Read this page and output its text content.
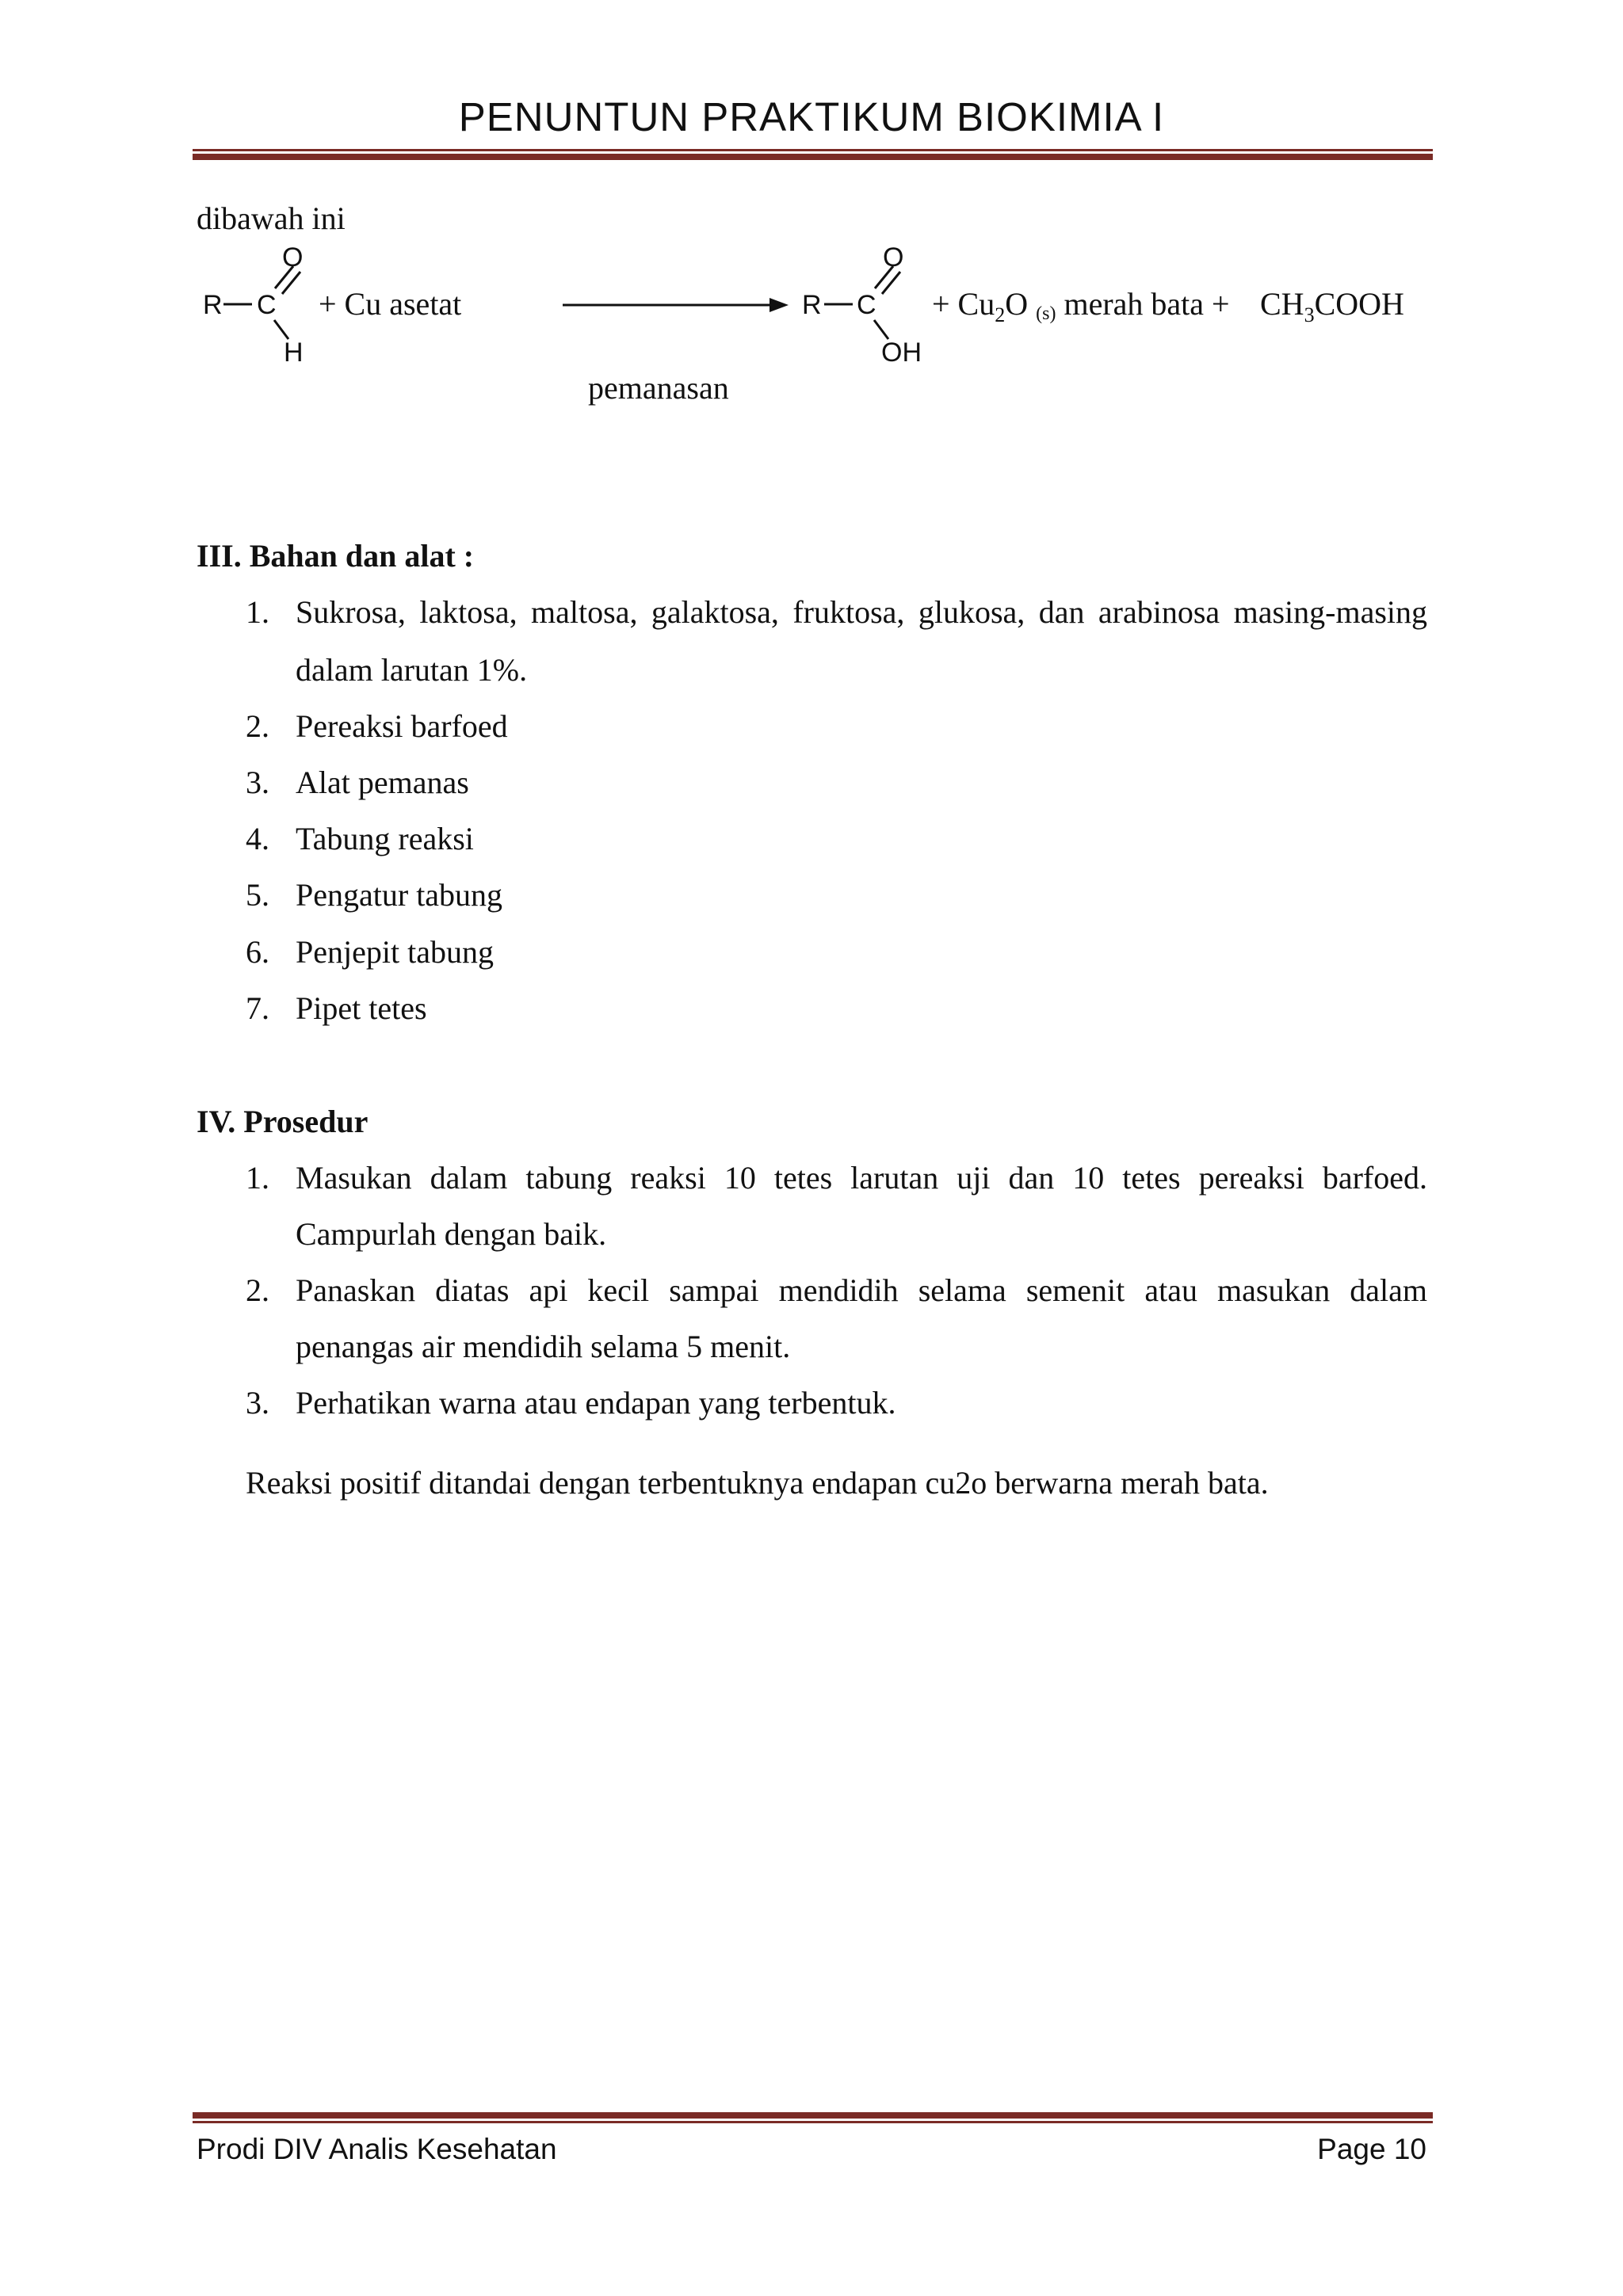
PENUNTUN PRAKTIKUM BIOKIMIA I
dibawah ini
O
R C
H
+ Cu asetat
pemanasan
O
R C
OH
+ $Cu_2O$ (s) merah bata + $CH_3COOH$
III. Bahan dan alat :
1. Sukrosa, laktosa, maltosa, galaktosa, fruktosa, glukosa, dan arabinosa masing-masing
dalam larutan 1%.
2. Pereaksi barfoed
3. Alat pemanas
4. Tabung reaksi
5. Pengatur tabung
6. Penjepit tabung
7. Pipet tetes
IV. Prosedur
1. Masukan dalam tabung reaksi 10 tetes larutan uji dan 10 tetes pereaksi barfoed.
Campurlah dengan baik.
2. Panaskan diatas api kecil sampai mendidih selama semenit atau masukan dalam
penangas air mendidih selama 5 menit.
3. Perhatikan warna atau endapan yang terbentuk.
Reaksi positif ditandai dengan terbentuknya endapan cu2o berwarna merah bata.
Prodi DIV Analis Kesehatan	Page 10
